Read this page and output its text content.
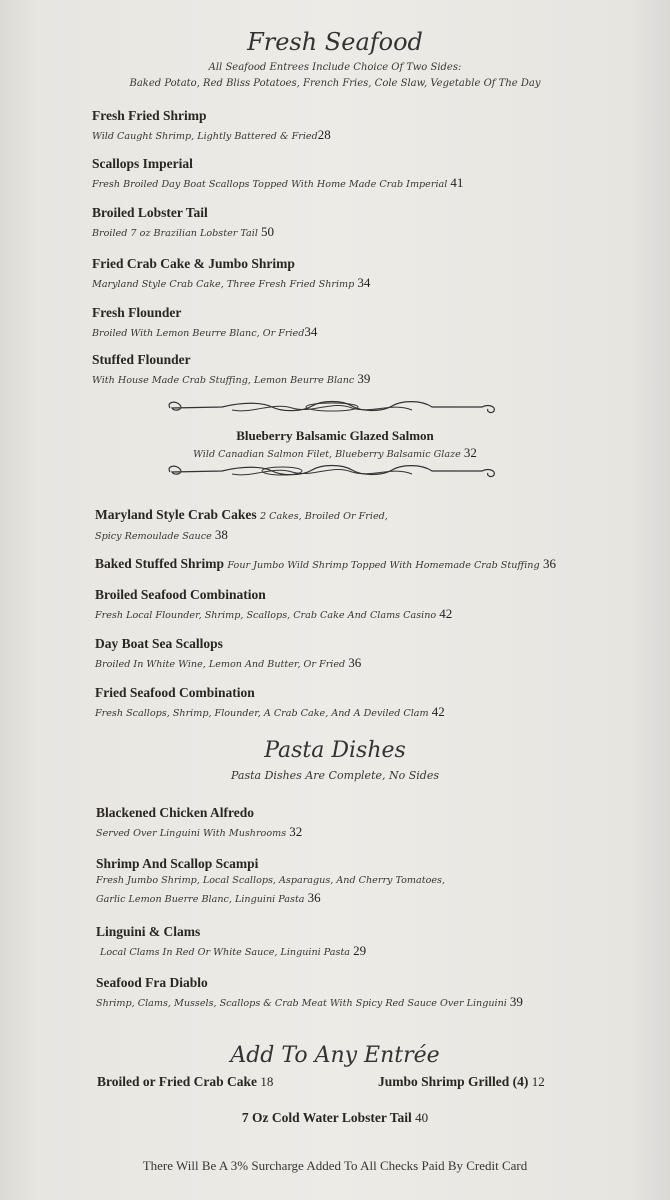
Fresh Seafood
All Seafood Entrees Include Choice Of Two Sides:
Baked Potato, Red Bliss Potatoes, French Fries, Cole Slaw, Vegetable Of The Day
Fresh Fried Shrimp
Wild Caught Shrimp, Lightly Battered & Fried28
Scallops Imperial
Fresh Broiled Day Boat Scallops Topped With Home Made Crab Imperial 41
Broiled Lobster Tail
Broiled 7 oz Brazilian Lobster Tail 50
Fried Crab Cake & Jumbo Shrimp
Maryland Style Crab Cake, Three Fresh Fried Shrimp 34
Fresh Flounder
Broiled With Lemon Beurre Blanc, Or Fried34
Stuffed Flounder
With House Made Crab Stuffing, Lemon Beurre Blanc 39
Blueberry Balsamic Glazed Salmon
Wild Canadian Salmon Filet, Blueberry Balsamic Glaze 32
Maryland Style Crab Cakes 2 Cakes, Broiled Or Fried,
Spicy Remoulade Sauce 38
Baked Stuffed Shrimp Four Jumbo Wild Shrimp Topped With Homemade Crab Stuffing 36
Broiled Seafood Combination
Fresh Local Flounder, Shrimp, Scallops, Crab Cake And Clams Casino 42
Day Boat Sea Scallops
Broiled In White Wine, Lemon And Butter, Or Fried 36
Fried Seafood Combination
Fresh Scallops, Shrimp, Flounder, A Crab Cake, And A Deviled Clam 42
Pasta Dishes
Pasta Dishes Are Complete, No Sides
Blackened Chicken Alfredo
Served Over Linguini With Mushrooms 32
Shrimp And Scallop Scampi
Fresh Jumbo Shrimp, Local Scallops, Asparagus, And Cherry Tomatoes,
Garlic Lemon Buerre Blanc, Linguini Pasta 36
Linguini & Clams
Local Clams In Red Or White Sauce, Linguini Pasta 29
Seafood Fra Diablo
Shrimp, Clams, Mussels, Scallops & Crab Meat With Spicy Red Sauce Over Linguini 39
Add To Any Entrée
Broiled or Fried Crab Cake 18	Jumbo Shrimp Grilled (4) 12
7 Oz Cold Water Lobster Tail 40
There Will Be A 3% Surcharge Added To All Checks Paid By Credit Card
